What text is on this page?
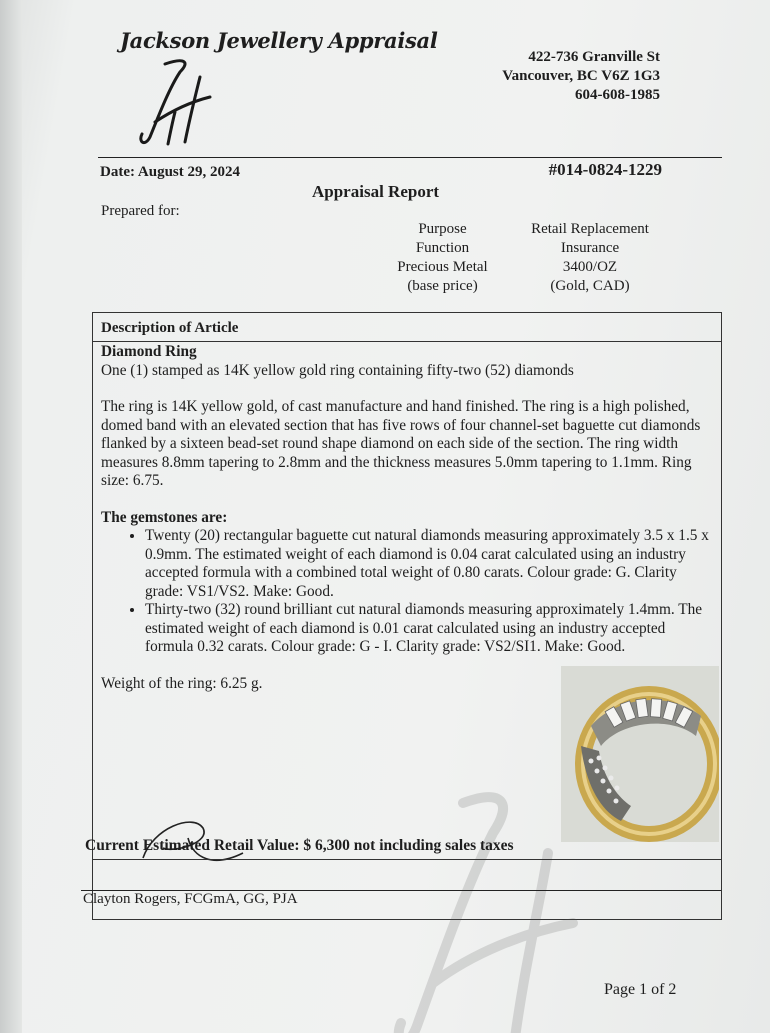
Jackson Jewellery Appraisal
422-736 Granville St
Vancouver, BC V6Z 1G3
604-608-1985
Date: August 29, 2024	#014-0824-1229
Appraisal Report
Prepared for:
Purpose
Function
Precious Metal
(base price)
Retail Replacement
Insurance
3400/OZ
(Gold, CAD)
Description of Article

Diamond Ring

One (1) stamped as 14K yellow gold ring containing fifty-two (52) diamonds

The ring is 14K yellow gold, of cast manufacture and hand finished. The ring is a high polished, domed band with an elevated section that has five rows of four channel-set baguette cut diamonds flanked by a sixteen bead-set round shape diamond on each side of the section. The ring width measures 8.8mm tapering to 2.8mm and the thickness measures 5.0mm tapering to 1.1mm. Ring size: 6.75.

The gemstones are:

• Twenty (20) rectangular baguette cut natural diamonds measuring approximately 3.5 x 1.5 x 0.9mm. The estimated weight of each diamond is 0.04 carat calculated using an industry accepted formula with a combined total weight of 0.80 carats. Colour grade: G. Clarity grade: VS1/VS2. Make: Good.
• Thirty-two (32) round brilliant cut natural diamonds measuring approximately 1.4mm. The estimated weight of each diamond is 0.01 carat calculated using an industry accepted formula 0.32 carats. Colour grade: G - I. Clarity grade: VS2/SI1. Make: Good.

Weight of the ring: 6.25 g.

Current Estimated Retail Value: $ 6,300 not including sales taxes
Clayton Rogers, FCGmA, GG, PJA
Page 1 of 2
